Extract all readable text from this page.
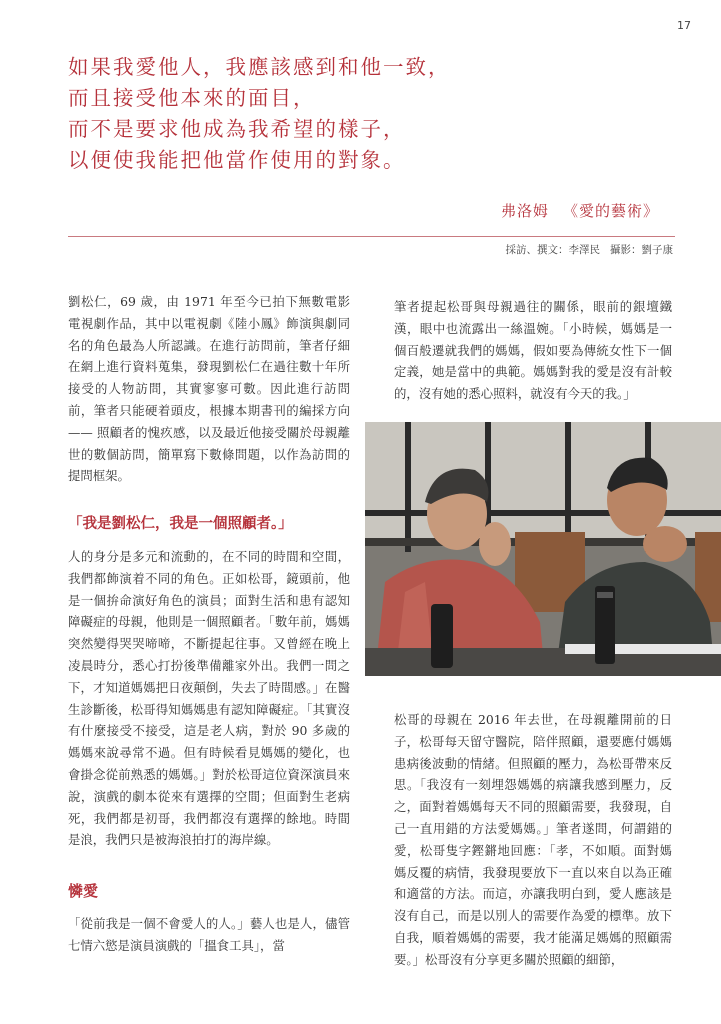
17
如果我愛他人，我應該感到和他一致，
而且接受他本來的面目，
而不是要求他成為我希望的樣子，
以便使我能把他當作使用的對象。
弗洛姆 《愛的藝術》
採訪、撰文：李澤民 攝影：劉子康

劉松仁，69 歲，由 1971 年至今已拍下無數電影電視劇作品，其中以電視劇《陸小鳳》飾演與劇同名的角色最為人所認識。在進行訪問前，筆者仔細在網上進行資料蒐集，發現劉松仁在過往數十年所接受的人物訪問，其實寥寥可數。因此進行訪問前，筆者只能硬着頭皮，根據本期書刊的編採方向 —— 照顧者的愧疚感，以及最近他接受關於母親離世的數個訪問，簡單寫下數條問題，以作為訪問的提問框架。

「我是劉松仁，我是一個照顧者。」

人的身分是多元和流動的，在不同的時間和空間，我們都飾演着不同的角色。正如松哥，鏡頭前，他是一個拚命演好角色的演員；面對生活和患有認知障礙症的母親，他則是一個照顧者。「數年前，媽媽突然變得哭哭啼啼，不斷提起往事。又曾經在晚上凌晨時分，悉心打扮後準備離家外出。我們一問之下，才知道媽媽把日夜顛倒，失去了時間感。」在醫生診斷後，松哥得知媽媽患有認知障礙症。「其實沒有什麼接受不接受，這是老人病，對於 90 多歲的媽媽來說尋常不過。但有時候看見媽媽的變化，也會掛念從前熟悉的媽媽。」對於松哥這位資深演員來說，演戲的劇本從來有選擇的空間；但面對生老病死，我們都是初哥，我們都沒有選擇的餘地。時間是浪，我們只是被海浪拍打的海岸線。

憐愛

「從前我是一個不會愛人的人。」藝人也是人，儘管七情六慾是演員演戲的「搵食工具」，當

筆者提起松哥與母親過往的關係，眼前的銀壇鐵漢，眼中也流露出一絲溫婉。「小時候，媽媽是一個百般遷就我們的媽媽，假如要為傳統女性下一個定義，她是當中的典範。媽媽對我的愛是沒有計較的，沒有她的悉心照料，就沒有今天的我。」

松哥的母親在 2016 年去世，在母親離開前的日子，松哥每天留守醫院，陪伴照顧，還要應付媽媽患病後波動的情緒。但照顧的壓力，為松哥帶來反思。「我沒有一刻埋怨媽媽的病讓我感到壓力，反之，面對着媽媽每天不同的照顧需要，我發現，自己一直用錯的方法愛媽媽。」筆者遂問，何謂錯的愛，松哥隻字鏗鏘地回應：「孝，不如順。面對媽媽反覆的病情，我發現要放下一直以來自以為正確和適當的方法。而這，亦讓我明白到，愛人應該是沒有自己，而是以別人的需要作為愛的標準。放下自我，順着媽媽的需要，我才能滿足媽媽的照顧需要。」松哥沒有分享更多關於照顧的細節，
